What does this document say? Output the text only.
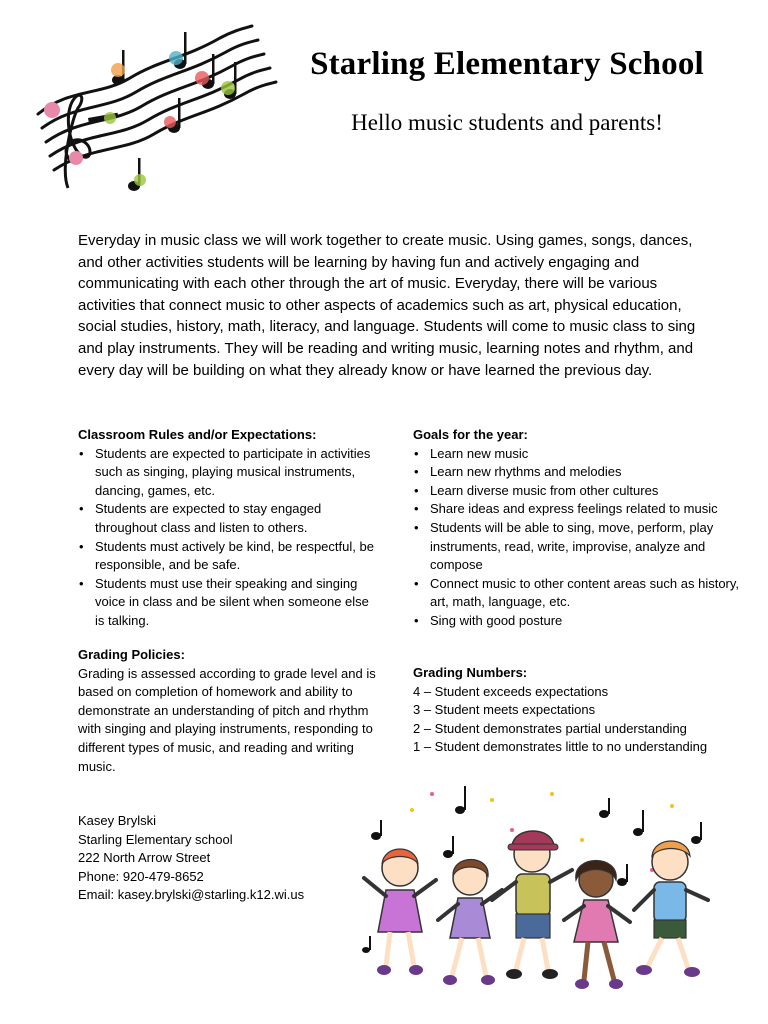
Starling Elementary School
Hello music students and parents!

Everyday in music class we will work together to create music. Using games, songs, dances, and other activities students will be learning by having fun and actively engaging and communicating with each other through the art of music. Everyday, there will be various activities that connect music to other aspects of academics such as art, physical education, social studies, history, math, literacy, and language. Students will come to music class to sing and play instruments. They will be reading and writing music, learning notes and rhythm, and every day will be building on what they already know or have learned the previous day.

Classroom Rules and/or Expectations:

• Students are expected to participate in activities such as singing, playing musical instruments, dancing, games, etc.
• Students are expected to stay engaged throughout class and listen to others.
• Students must actively be kind, be respectful, be responsible, and be safe.
• Students must use their speaking and singing voice in class and be silent when someone else is talking.

Goals for the year:

• Learn new music
• Learn new rhythms and melodies
• Learn diverse music from other cultures
• Share ideas and express feelings related to music
• Students will be able to sing, move, perform, play instruments, read, write, improvise, analyze and compose
• Connect music to other content areas such as history, art, math, language, etc.
• Sing with good posture

Grading Policies:

Grading is assessed according to grade level and is based on completion of homework and ability to demonstrate an understanding of pitch and rhythm with singing and playing instruments, responding to different types of music, and reading and writing music.

Grading Numbers:

4 – Student exceeds expectations
3 – Student meets expectations
2 – Student demonstrates partial understanding
1 – Student demonstrates little to no understanding
Kasey Brylski
Starling Elementary school
222 North Arrow Street
Phone: 920-479-8652
Email: kasey.brylski@starling.k12.wi.us
